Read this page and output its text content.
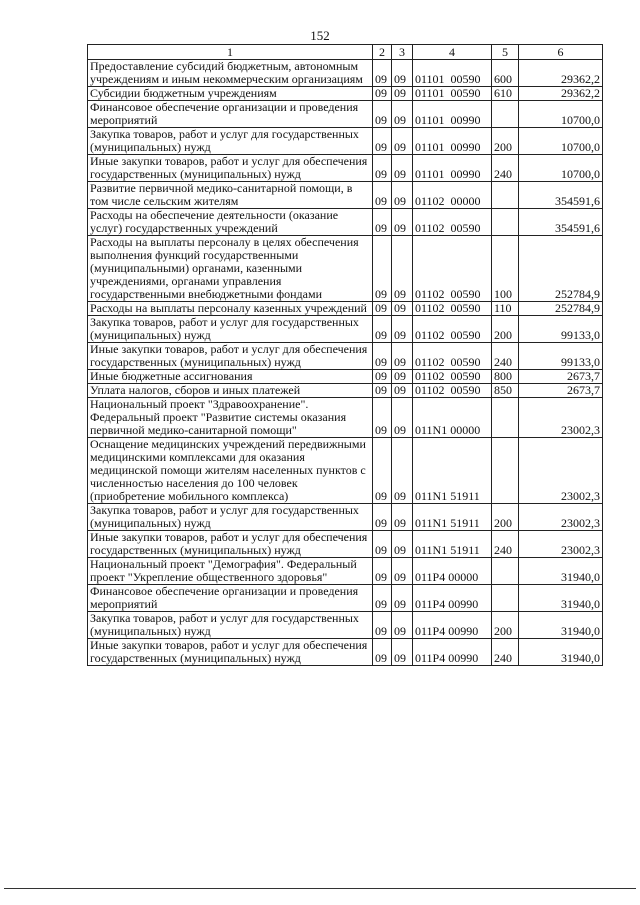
152
1	2	3	4	5	6
Предоставление субсидий бюджетным, автономным учреждениям и иным некоммерческим организациям	09	09	01101  00590	600	29362,2
Субсидии бюджетным учреждениям	09	09	01101  00590	610	29362,2
Финансовое обеспечение организации и проведения мероприятий	09	09	01101  00990		10700,0
Закупка товаров, работ и услуг для государственных (муниципальных) нужд	09	09	01101  00990	200	10700,0
Иные закупки товаров, работ и услуг для обеспечения государственных (муниципальных) нужд	09	09	01101  00990	240	10700,0
Развитие первичной медико-санитарной помощи, в том числе сельским жителям	09	09	01102  00000		354591,6
Расходы на обеспечение деятельности (оказание услуг) государственных учреждений	09	09	01102  00590		354591,6
Расходы на выплаты персоналу в целях обеспечения выполнения функций государственными (муниципальными) органами, казенными учреждениями, органами управления государственными внебюджетными фондами	09	09	01102  00590	100	252784,9
Расходы на выплаты персоналу казенных учреждений	09	09	01102  00590	110	252784,9
Закупка товаров, работ и услуг для государственных (муниципальных) нужд	09	09	01102  00590	200	99133,0
Иные закупки товаров, работ и услуг для обеспечения государственных (муниципальных) нужд	09	09	01102  00590	240	99133,0
Иные бюджетные ассигнования	09	09	01102  00590	800	2673,7
Уплата налогов, сборов и иных платежей	09	09	01102  00590	850	2673,7
Национальный проект "Здравоохранение". Федеральный проект "Развитие системы оказания первичной медико-санитарной помощи"	09	09	011N1 00000		23002,3
Оснащение медицинских учреждений передвижными медицинскими комплексами для оказания медицинской помощи жителям населенных пунктов с численностью населения до 100 человек (приобретение мобильного комплекса)	09	09	011N1 51911		23002,3
Закупка товаров, работ и услуг для государственных (муниципальных) нужд	09	09	011N1 51911	200	23002,3
Иные закупки товаров, работ и услуг для обеспечения государственных (муниципальных) нужд	09	09	011N1 51911	240	23002,3
Национальный проект "Демография". Федеральный проект "Укрепление общественного здоровья"	09	09	011P4 00000		31940,0
Финансовое обеспечение организации и проведения мероприятий	09	09	011P4 00990		31940,0
Закупка товаров, работ и услуг для государственных (муниципальных) нужд	09	09	011P4 00990	200	31940,0
Иные закупки товаров, работ и услуг для обеспечения государственных (муниципальных) нужд	09	09	011P4 00990	240	31940,0
